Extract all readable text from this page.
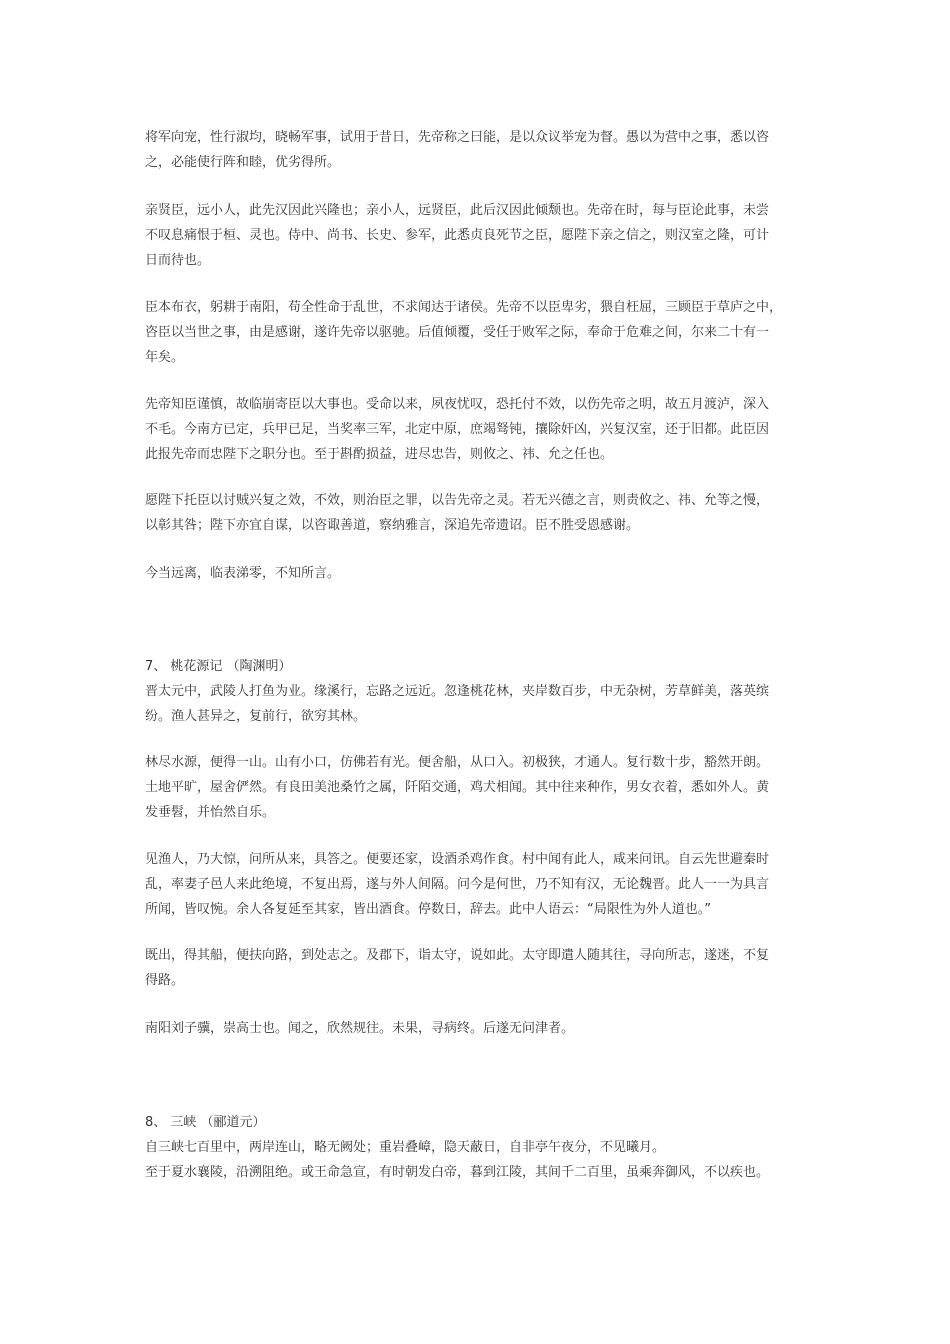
将军向宠，性行淑均，晓畅军事，试用于昔日，先帝称之曰能，是以众议举宠为督。愚以为营中之事，悉以咨
之，必能使行阵和睦，优劣得所。

亲贤臣，远小人，此先汉因此兴隆也；亲小人，远贤臣，此后汉因此倾颓也。先帝在时，每与臣论此事，未尝
不叹息痛恨于桓、灵也。侍中、尚书、长史、参军，此悉贞良死节之臣，愿陛下亲之信之，则汉室之隆，可计
日而待也。

臣本布衣，躬耕于南阳，苟全性命于乱世，不求闻达于诸侯。先帝不以臣卑劣，猥自枉屈，三顾臣于草庐之中，
咨臣以当世之事，由是感谢，遂许先帝以驱驰。后值倾覆，受任于败军之际，奉命于危难之间，尔来二十有一
年矣。

先帝知臣谨慎，故临崩寄臣以大事也。受命以来，夙夜忧叹，恐托付不效，以伤先帝之明，故五月渡泸，深入
不毛。今南方已定，兵甲已足，当奖率三军，北定中原，庶竭驽钝，攘除奸凶，兴复汉室，还于旧都。此臣因
此报先帝而忠陛下之职分也。至于斟酌损益，进尽忠告，则攸之、祎、允之任也。

愿陛下托臣以讨贼兴复之效，不效，则治臣之罪，以告先帝之灵。若无兴德之言，则责攸之、祎、允等之慢，
以彰其咎；陛下亦宜自谋，以咨诹善道，察纳雅言，深追先帝遗诏。臣不胜受恩感谢。

今当远离，临表涕零，不知所言。

7、 桃花源记 （陶渊明）
晋太元中，武陵人打鱼为业。缘溪行，忘路之远近。忽逢桃花林，夹岸数百步，中无杂树，芳草鲜美，落英缤
纷。渔人甚异之，复前行，欲穷其林。

林尽水源，便得一山。山有小口，仿佛若有光。便舍船，从口入。初极狭，才通人。复行数十步，豁然开朗。
土地平旷，屋舍俨然。有良田美池桑竹之属，阡陌交通，鸡犬相闻。其中往来种作，男女衣着，悉如外人。黄
发垂髫，并怡然自乐。

见渔人，乃大惊，问所从来，具答之。便要还家，设酒杀鸡作食。村中闻有此人，咸来问讯。自云先世避秦时
乱，率妻子邑人来此绝境，不复出焉，遂与外人间隔。问今是何世，乃不知有汉，无论魏晋。此人一一为具言
所闻，皆叹惋。余人各复延至其家，皆出酒食。停数日，辞去。此中人语云：“局限性为外人道也。”

既出，得其船，便扶向路，到处志之。及郡下，诣太守，说如此。太守即遣人随其往，寻向所志，遂迷，不复
得路。

南阳刘子骥，崇高士也。闻之，欣然规往。未果，寻病终。后遂无问津者。

8、 三峡 （郦道元）
自三峡七百里中，两岸连山，略无阙处；重岩叠嶂，隐天蔽日，自非亭午夜分，不见曦月。
至于夏水襄陵，沿溯阻绝。或王命急宣，有时朝发白帝，暮到江陵，其间千二百里，虽乘奔御风，不以疾也。
